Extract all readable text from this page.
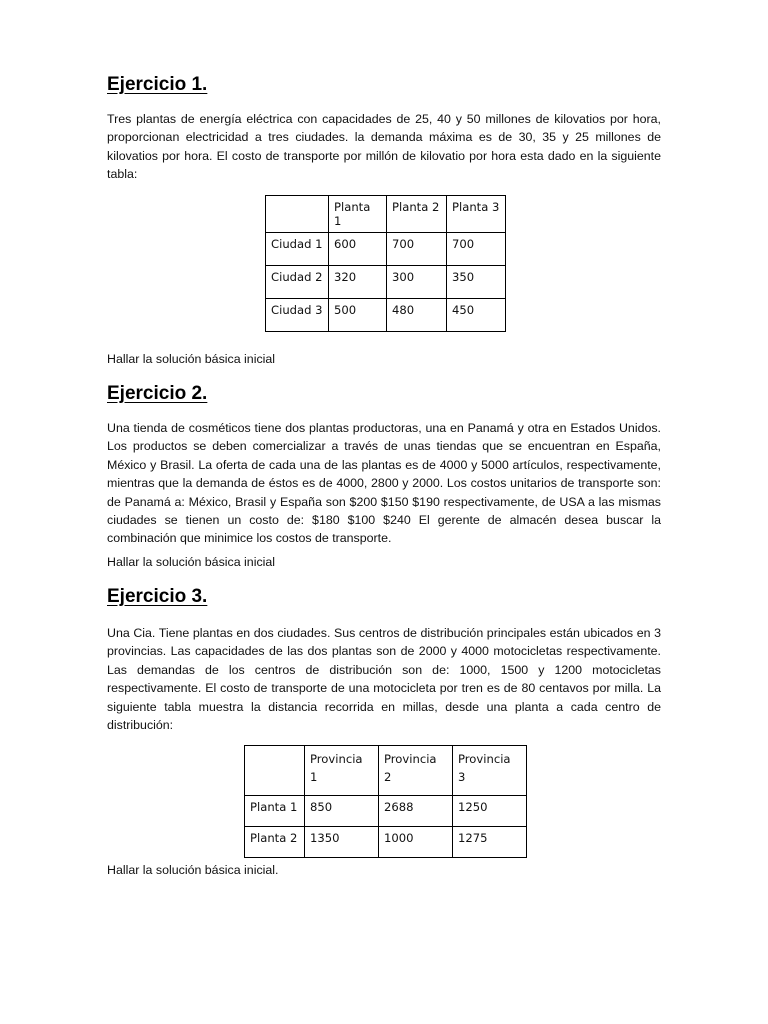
Ejercicio 1.

Tres plantas de energía eléctrica con capacidades de 25, 40 y 50 millones de kilovatios por hora, proporcionan electricidad a tres ciudades. la demanda máxima es de 30, 35 y 25 millones de kilovatios por hora. El costo de transporte por millón de kilovatio por hora esta dado en la siguiente tabla:

	Planta 1	Planta 2	Planta 3
Ciudad 1	600	700	700
Ciudad 2	320	300	350
Ciudad 3	500	480	450

Hallar la solución básica inicial

Ejercicio 2.

Una tienda de cosméticos tiene dos plantas productoras, una en Panamá y otra en Estados Unidos. Los productos se deben comercializar a través de unas tiendas que se encuentran en España, México y Brasil. La oferta de cada una de las plantas es de 4000 y 5000 artículos, respectivamente, mientras que la demanda de éstos es de 4000, 2800 y 2000. Los costos unitarios de transporte son: de Panamá a: México, Brasil y España son $200 $150 $190 respectivamente, de USA a las mismas ciudades se tienen un costo de: $180 $100 $240 El gerente de almacén desea buscar la combinación que minimice los costos de transporte.

Hallar la solución básica inicial

Ejercicio 3.

Una Cia. Tiene plantas en dos ciudades. Sus centros de distribución principales están ubicados en 3 provincias. Las capacidades de las dos plantas son de 2000 y 4000 motocicletas respectivamente. Las demandas de los centros de distribución son de: 1000, 1500 y 1200 motocicletas respectivamente. El costo de transporte de una motocicleta por tren es de 80 centavos por milla. La siguiente tabla muestra la distancia recorrida en millas, desde una planta a cada centro de distribución:

	Provincia 1	Provincia 2	Provincia 3
Planta 1	850	2688	1250
Planta 2	1350	1000	1275

Hallar la solución básica inicial.
